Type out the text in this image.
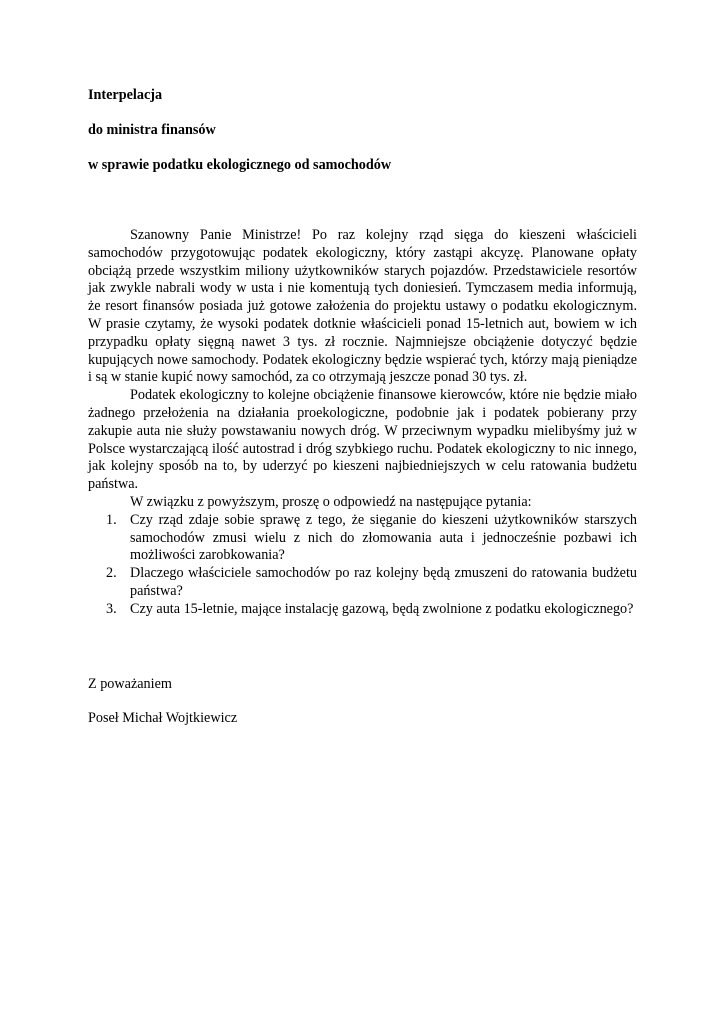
Interpelacja
do ministra finansów
w sprawie podatku ekologicznego od samochodów

Szanowny Panie Ministrze! Po raz kolejny rząd sięga do kieszeni właścicieli samochodów przygotowując podatek ekologiczny, który zastąpi akcyzę. Planowane opłaty obciążą przede wszystkim miliony użytkowników starych pojazdów. Przedstawiciele resortów jak zwykle nabrali wody w usta i nie komentują tych doniesień. Tymczasem media informują, że resort finansów posiada już gotowe założenia do projektu ustawy o podatku ekologicznym. W prasie czytamy, że wysoki podatek dotknie właścicieli ponad 15-letnich aut, bowiem w ich przypadku opłaty sięgną nawet 3 tys. zł rocznie. Najmniejsze obciążenie dotyczyć będzie kupujących nowe samochody. Podatek ekologiczny będzie wspierać tych, którzy mają pieniądze i są w stanie kupić nowy samochód, za co otrzymają jeszcze ponad 30 tys. zł.

Podatek ekologiczny to kolejne obciążenie finansowe kierowców, które nie będzie miało żadnego przełożenia na działania proekologiczne, podobnie jak i podatek pobierany przy zakupie auta nie służy powstawaniu nowych dróg. W przeciwnym wypadku mielibyśmy już w Polsce wystarczającą ilość autostrad i dróg szybkiego ruchu. Podatek ekologiczny to nic innego, jak kolejny sposób na to, by uderzyć po kieszeni najbiedniejszych w celu ratowania budżetu państwa.

W związku z powyższym, proszę o odpowiedź na następujące pytania:

1. Czy rząd zdaje sobie sprawę z tego, że sięganie do kieszeni użytkowników starszych samochodów zmusi wielu z nich do złomowania auta i jednocześnie pozbawi ich możliwości zarobkowania?
2. Dlaczego właściciele samochodów po raz kolejny będą zmuszeni do ratowania budżetu państwa?
3. Czy auta 15-letnie, mające instalację gazową, będą zwolnione z podatku ekologicznego?
Z poważaniem
Poseł Michał Wojtkiewicz
